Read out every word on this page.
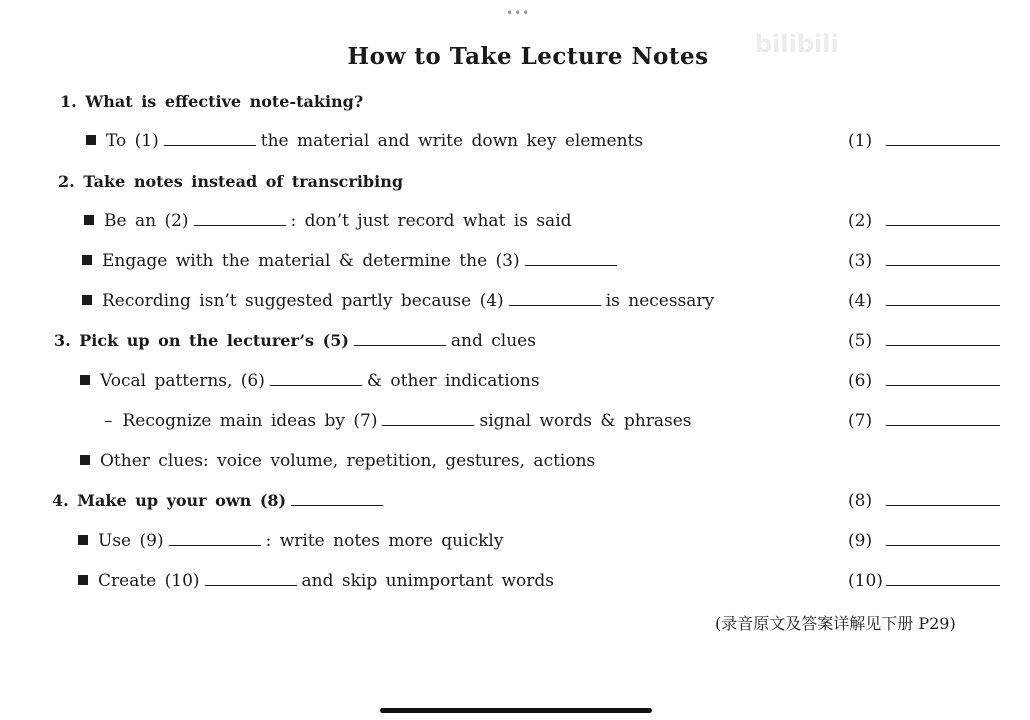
•••
bilibili
How to Take Lecture Notes
1. What is effective note-taking?
To (1)	the material and write down key elements	(1)
2. Take notes instead of transcribing
Be an (2)	: don’t just record what is said	(2)
Engage with the material & determine the (3)	(3)
Recording isn’t suggested partly because (4)	is necessary	(4)
3. Pick up on the lecturer’s (5)	and clues	(5)
Vocal patterns, (6)	& other indications	(6)
– Recognize main ideas by (7)	signal words & phrases	(7)
Other clues: voice volume, repetition, gestures, actions
4. Make up your own (8)	(8)
Use (9)	: write notes more quickly	(9)
Create (10)	and skip unimportant words	(10)
(录音原文及答案详解见下册 P29)
